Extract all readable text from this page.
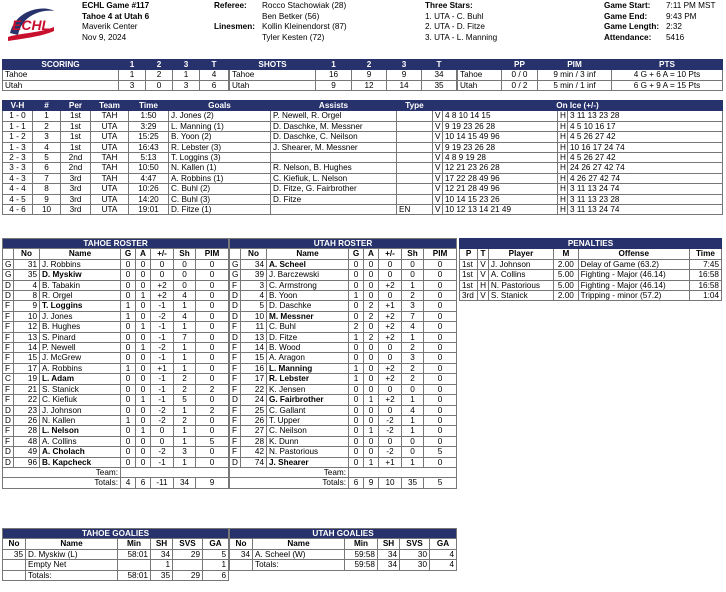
ECHL
ECHL Game #117
Tahoe 4 at Utah 6
Maverik Center
Nov 9, 2024
Referee:

Linesmen:
Rocco Stachowiak (28)
Ben Betker (56)
Kollin Kleinendorst (87)
Tyler Kesten (72)
Three Stars:
1. UTA - C. Buhl
2. UTA - D. Fitze
3. UTA - L. Manning
Game Start:
Game End:
Game Length:
Attendance:
7:11 PM MST
9:43 PM
2:32
5416
SCORING	1	2	3	T
Tahoe	1	2	1	4
Utah	3	0	3	6
SHOTS	1	2	3	T
Tahoe	16	9	9	34
Utah	9	12	14	35
	PP	PIM	PTS
Tahoe	0 / 0	9 min / 3 inf	4 G + 6 A = 10 Pts
Utah	0 / 2	5 min / 1 inf	6 G + 9 A = 15 Pts
V-H	#	Per	Team	Time	Goals	Assists	Type	On Ice (+/-)			
1 - 0	1	1st	TAH	1:50	J. Jones (2)	P. Newell, R. Orgel		V	4 8 10 14 15	H	3 11 13 23 28
1 - 1	2	1st	UTA	3:29	L. Manning (1)	D. Daschke, M. Messner		V	9 19 23 26 28	H	4 5 10 16 17
1 - 2	3	1st	UTA	15:25	B. Yoon (2)	D. Daschke, C. Neilson		V	10 14 15 49 96	H	4 5 26 27 42
1 - 3	4	1st	UTA	16:43	R. Lebster (3)	J. Shearer, M. Messner		V	9 19 23 26 28	H	10 16 17 24 74
2 - 3	5	2nd	TAH	5:13	T. Loggins (3)			V	4 8 9 19 28	H	4 5 26 27 42
3 - 3	6	2nd	TAH	10:50	N. Kallen (1)	R. Nelson, B. Hughes		V	12 21 23 26 28	H	24 26 27 42 74
4 - 3	7	3rd	TAH	4:47	A. Robbins (1)	C. Kiefiuk, L. Nelson		V	17 22 28 49 96	H	4 26 27 42 74
4 - 4	8	3rd	UTA	10:26	C. Buhl (2)	D. Fitze, G. Fairbrother		V	12 21 28 49 96	H	3 11 13 24 74
4 - 5	9	3rd	UTA	14:20	C. Buhl (3)	D. Fitze		V	10 14 15 23 26	H	3 11 13 23 28
4 - 6	10	3rd	UTA	19:01	D. Fitze (1)		EN	V	10 12 13 14 21 49	H	3 11 13 24 74
TAHOE ROSTER							
	No	Name	G	A	+/-	Sh	PIM
G	31	J. Robbins	0	0	0	0	0
G	35	D. Myskiw	0	0	0	0	0
D	4	B. Tabakin	0	0	+2	0	0
D	8	R. Orgel	0	1	+2	4	0
F	9	T. Loggins	1	0	-1	1	0
F	10	J. Jones	1	0	-2	4	0
F	12	B. Hughes	0	1	-1	1	0
F	13	S. Pinard	0	0	-1	7	0
F	14	P. Newell	0	1	-2	1	0
F	15	J. McGrew	0	0	-1	1	0
F	17	A. Robbins	1	0	+1	1	0
C	19	L. Adam	0	0	-1	2	0
F	21	S. Stanick	0	0	-1	2	2
F	22	C. Kiefiuk	0	1	-1	5	0
D	23	J. Johnson	0	0	-2	1	2
D	26	N. Kallen	1	0	-2	2	0
F	28	L. Nelson	0	1	0	1	0
F	48	A. Collins	0	0	0	1	5
D	49	A. Cholach	0	0	-2	3	0
D	96	B. Kapcheck	0	0	-1	1	0
Team:							
Totals:			4	6	-11	34	9
UTAH ROSTER							
	No	Name	G	A	+/-	Sh	PIM
G	34	A. Scheel	0	0	0	0	0
G	39	J. Barczewski	0	0	0	0	0
F	3	C. Armstrong	0	0	+2	1	0
D	4	B. Yoon	1	0	0	2	0
D	5	D. Daschke	0	2	+1	3	0
D	10	M. Messner	0	2	+2	7	0
F	11	C. Buhl	2	0	+2	4	0
D	13	D. Fitze	1	2	+2	1	0
F	14	B. Wood	0	0	0	2	0
F	15	A. Aragon	0	0	0	3	0
F	16	L. Manning	1	0	+2	2	0
F	17	R. Lebster	1	0	+2	2	0
F	22	K. Jensen	0	0	0	0	0
D	24	G. Fairbrother	0	1	+2	1	0
F	25	C. Gallant	0	0	0	4	0
F	26	T. Upper	0	0	-2	1	0
F	27	C. Neilson	0	1	-2	1	0
F	28	K. Dunn	0	0	0	0	0
F	42	N. Pastorious	0	0	-2	0	5
D	74	J. Shearer	0	1	+1	1	0
Team:							
Totals:			6	9	10	35	5
PENALTIES					
P	T	Player	M	Offense	Time
1st	V	J. Johnson	2.00	Delay of Game (63.2)	7:45
1st	V	A. Collins	5.00	Fighting - Major (46.14)	16:58
1st	H	N. Pastorious	5.00	Fighting - Major (46.14)	16:58
3rd	V	S. Stanick	2.00	Tripping - minor (57.2)	1:04
TAHOE GOALIES					
No	Name	Min	SH	SVS	GA
35	D. Myskiw (L)	58:01	34	29	5
	Empty Net		1		1
	Totals:	58:01	35	29	6
UTAH GOALIES					
No	Name	Min	SH	SVS	GA
34	A. Scheel (W)	59:58	34	30	4
	Totals:	59:58	34	30	4
